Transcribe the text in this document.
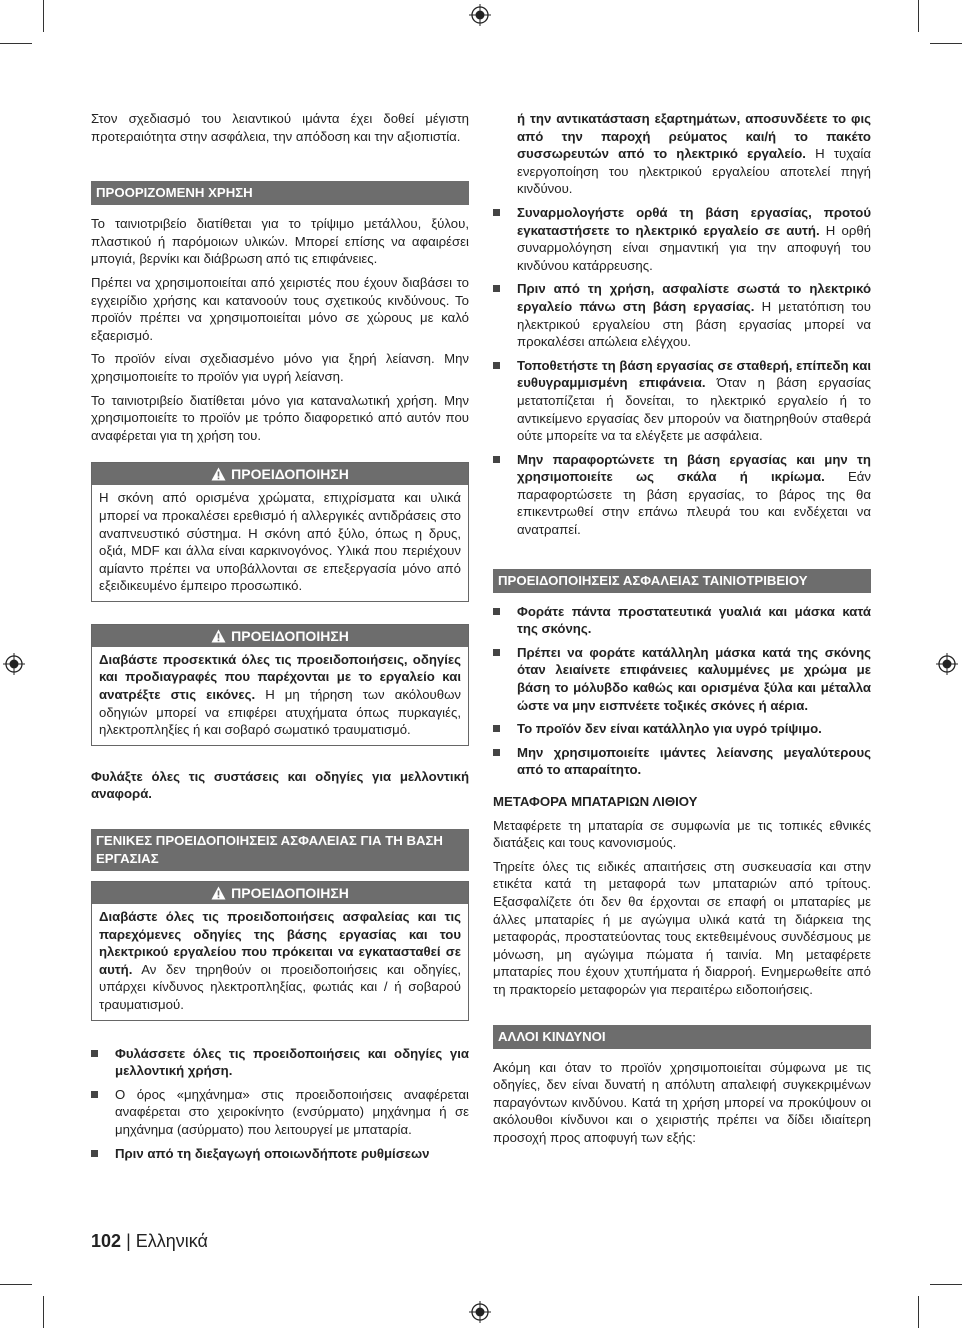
Στον σχεδιασμό του λειαντικού ιμάντα έχει δοθεί μέγιστη προτεραιότητα στην ασφάλεια, την απόδοση και την αξιοπιστία.

ΠΡΟΟΡΙΖΟΜΕΝΗ ΧΡΗΣΗ

Το ταινιοτριβείο διατίθεται για το τρίψιμο μετάλλου, ξύλου, πλαστικού ή παρόμοιων υλικών. Μπορεί επίσης να αφαιρέσει μπογιά, βερνίκι και διάβρωση από τις επιφάνειες.

Πρέπει να χρησιμοποιείται από χειριστές που έχουν διαβάσει το εγχειρίδιο χρήσης και κατανοούν τους σχετικούς κινδύνους. Το προϊόν πρέπει να χρησιμοποιείται μόνο σε χώρους με καλό εξαερισμό.

Το προϊόν είναι σχεδιασμένο μόνο για ξηρή λείανση. Μην χρησιμοποιείτε το προϊόν για υγρή λείανση.

Το ταινιοτριβείο διατίθεται μόνο για καταναλωτική χρήση. Μην χρησιμοποιείτε το προϊόν με τρόπο διαφορετικό από αυτόν που αναφέρεται για τη χρήση του.

ΠΡΟΕΙΔΟΠΟΙΗΣΗ

Η σκόνη από ορισμένα χρώματα, επιχρίσματα και υλικά μπορεί να προκαλέσει ερεθισμό ή αλλεργικές αντιδράσεις στο αναπνευστικό σύστημα. Η σκόνη από ξύλο, όπως η δρυς, οξιά, MDF και άλλα είναι καρκινογόνος. Υλικά που περιέχουν αμίαντο πρέπει να υποβάλλονται σε επεξεργασία μόνο από εξειδικευμένο έμπειρο προσωπικό.

ΠΡΟΕΙΔΟΠΟΙΗΣΗ

Διαβάστε προσεκτικά όλες τις προειδοποιήσεις, οδηγίες και προδιαγραφές που παρέχονται με το εργαλείο και ανατρέξτε στις εικόνες. Η μη τήρηση των ακόλουθων οδηγιών μπορεί να επιφέρει ατυχήματα όπως πυρκαγιές, ηλεκτροπληξίες ή και σοβαρό σωματικό τραυματισμό.

Φυλάξτε όλες τις συστάσεις και οδηγίες για μελλοντική αναφορά.

ΓΕΝΙΚΕΣ ΠΡΟΕΙΔΟΠΟΙΗΣΕΙΣ ΑΣΦΑΛΕΙΑΣ ΓΙΑ ΤΗ ΒΑΣΗ ΕΡΓΑΣΙΑΣ
ΠΡΟΕΙΔΟΠΟΙΗΣΗ

Διαβάστε όλες τις προειδοποιήσεις ασφαλείας και τις παρεχόμενες οδηγίες της βάσης εργασίας και του ηλεκτρικού εργαλείου που πρόκειται να εγκατασταθεί σε αυτή. Αν δεν τηρηθούν οι προειδοποιήσεις και οδηγίες, υπάρχει κίνδυνος ηλεκτροπληξίας, φωτιάς και / ή σοβαρού τραυματισμού.

Φυλάσσετε όλες τις προειδοποιήσεις και οδηγίες για μελλοντική χρήση.
Ο όρος «μηχάνημα» στις προειδοποιήσεις αναφέρεται αναφέρεται στο χειροκίνητο (ενσύρματο) μηχάνημα ή σε μηχάνημα (ασύρματο) που λειτουργεί με μπαταρία.
Πριν από τη διεξαγωγή οποιωνδήποτε ρυθμίσεων

ή την αντικατάσταση εξαρτημάτων, αποσυνδέετε το φις από την παροχή ρεύματος και/ή το πακέτο συσσωρευτών από το ηλεκτρικό εργαλείο. Η τυχαία ενεργοποίηση του ηλεκτρικού εργαλείου αποτελεί πηγή κινδύνου.

Συναρμολογήστε ορθά τη βάση εργασίας, προτού εγκαταστήσετε το ηλεκτρικό εργαλείο σε αυτή. Η ορθή συναρμολόγηση είναι σημαντική για την αποφυγή του κινδύνου κατάρρευσης.
Πριν από τη χρήση, ασφαλίστε σωστά το ηλεκτρικό εργαλείο πάνω στη βάση εργασίας. Η μετατόπιση του ηλεκτρικού εργαλείου στη βάση εργασίας μπορεί να προκαλέσει απώλεια ελέγχου.
Τοποθετήστε τη βάση εργασίας σε σταθερή, επίπεδη και ευθυγραμμισμένη επιφάνεια. Όταν η βάση εργασίας μετατοπίζεται ή δονείται, το ηλεκτρικό εργαλείο ή το αντικείμενο εργασίας δεν μπορούν να διατηρηθούν σταθερά ούτε μπορείτε να τα ελέγξετε με ασφάλεια.
Μην παραφορτώνετε τη βάση εργασίας και μην τη χρησιμοποιείτε ως σκάλα ή ικρίωμα. Εάν παραφορτώσετε τη βάση εργασίας, το βάρος της θα επικεντρωθεί στην επάνω πλευρά του και ενδέχεται να ανατραπεί.
ΠΡΟΕΙΔΟΠΟΙΗΣΕΙΣ ΑΣΦΑΛΕΙΑΣ ΤΑΙΝΙΟΤΡΙΒΕΙΟΥ
Φοράτε πάντα προστατευτικά γυαλιά και μάσκα κατά της σκόνης.
Πρέπει να φοράτε κατάλληλη μάσκα κατά της σκόνης όταν λειαίνετε επιφάνειες καλυμμένες με χρώμα με βάση το μόλυβδο καθώς και ορισμένα ξύλα και μέταλλα ώστε να μην εισπνέετε τοξικές σκόνες ή αέρια.
Το προϊόν δεν είναι κατάλληλο για υγρό τρίψιμο.
Μην χρησιμοποιείτε ιμάντες λείανσης μεγαλύτερους από το απαραίτητο.
ΜΕΤΑΦΟΡΑ ΜΠΑΤΑΡΙΩΝ ΛΙΘΙΟΥ

Μεταφέρετε τη μπαταρία σε συμφωνία με τις τοπικές εθνικές διατάξεις και τους κανονισμούς.

Τηρείτε όλες τις ειδικές απαιτήσεις στη συσκευασία και στην ετικέτα κατά τη μεταφορά των μπαταριών από τρίτους. Εξασφαλίζετε ότι δεν θα έρχονται σε επαφή οι μπαταρίες με άλλες μπαταρίες ή με αγώγιμα υλικά κατά τη διάρκεια της μεταφοράς, προστατεύοντας τους εκτεθειμένους συνδέσμους με μόνωση, μη αγώγιμα πώματα ή ταινία. Μη μεταφέρετε μπαταρίες που έχουν χτυπήματα ή διαρροή. Ενημερωθείτε από τη πρακτορείο μεταφορών για περαιτέρω ειδοποιήσεις.

ΑΛΛΟΙ ΚΙΝΔΥΝΟΙ

Ακόμη και όταν το προϊόν χρησιμοποιείται σύμφωνα με τις οδηγίες, δεν είναι δυνατή η απόλυτη απαλειφή συγκεκριμένων παραγόντων κινδύνου. Κατά τη χρήση μπορεί να προκύψουν οι ακόλουθοι κίνδυνοι και ο χειριστής πρέπει να δίδει ιδιαίτερη προσοχή προς αποφυγή των εξής:

102 | Ελληνικά
